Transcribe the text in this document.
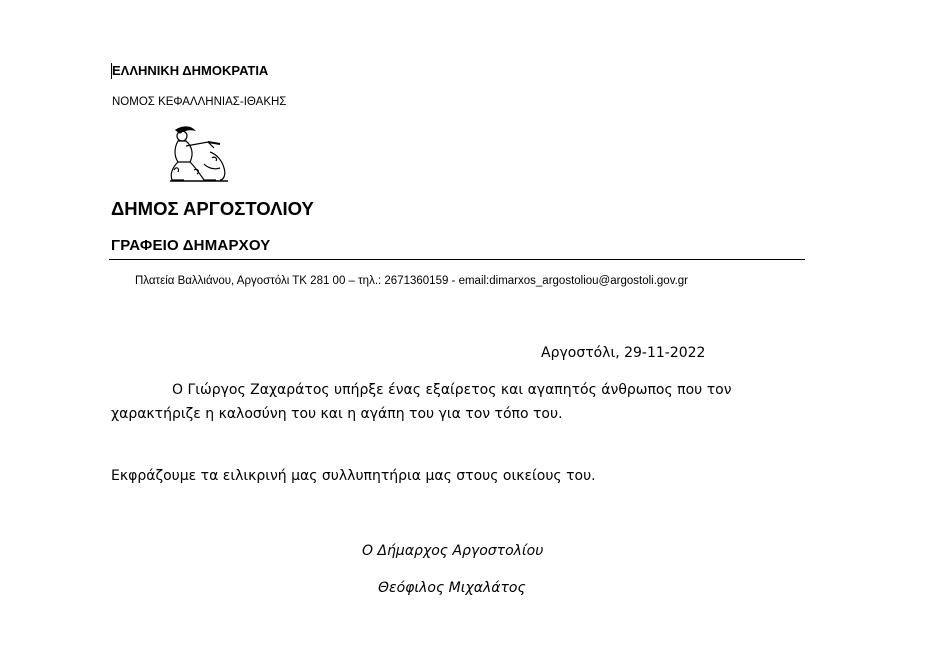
ΕΛΛΗΝΙΚΗ ΔΗΜΟΚΡΑΤΙΑ
ΝΟΜΟΣ ΚΕΦΑΛΛΗΝΙΑΣ-ΙΘΑΚΗΣ
ΔΗΜΟΣ ΑΡΓΟΣΤΟΛΙΟΥ
ΓΡΑΦΕΙΟ ΔΗΜΑΡΧΟΥ
Πλατεία Βαλλιάνου, Αργοστόλι ΤΚ 281 00 – τηλ.: 2671360159 - email:dimarxos_argostoliou@argostoli.gov.gr
Αργοστόλι, 29-11-2022
Ο Γιώργος Ζαχαράτος υπήρξε ένας εξαίρετος και αγαπητός άνθρωπος που τον
χαρακτήριζε η καλοσύνη του και η αγάπη του για τον τόπο του.
Εκφράζουμε τα ειλικρινή μας συλλυπητήρια μας στους οικείους του.
Ο Δήμαρχος Αργοστολίου
Θεόφιλος Μιχαλάτος
